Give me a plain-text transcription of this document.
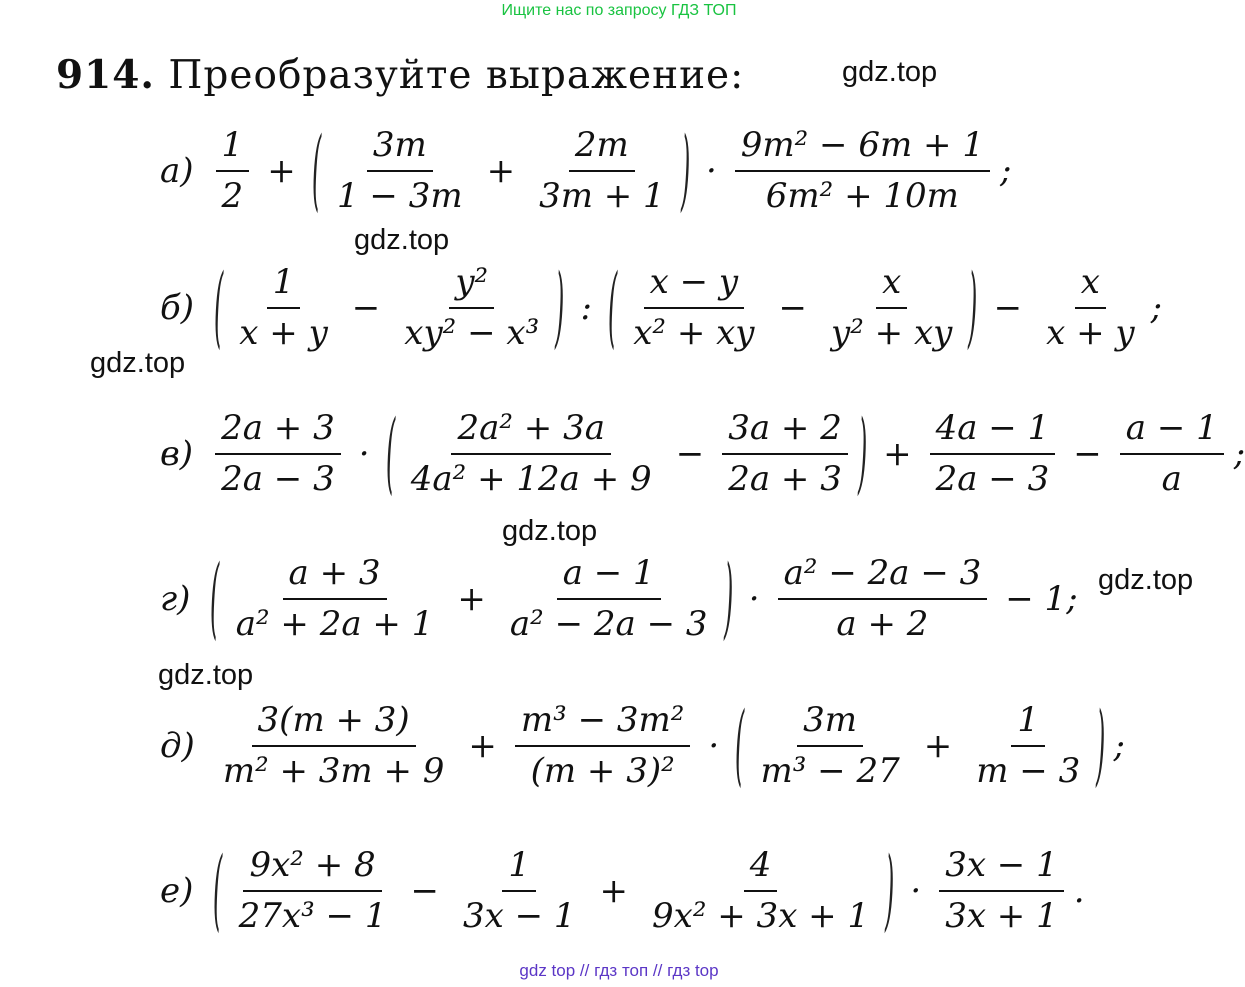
Ищите нас по запросу ГДЗ ТОП
914. Преобразуйте выражение:	gdz.top
gdz.top
gdz.top
gdz.top
gdz.top
gdz.top
$а) \frac{1}{2}$ + ( $\frac{3m}{1 - 3m} + \frac{2m}{3m + 1}$ ) · $\frac{\text{9m² − 6m + 1}}{\text{6m² + 10m}}$ ;
б) ( $\frac{1}{x + y} - \frac{\text{y²}}{\text{xy² − x³}}$ ) : ( $\frac{x - y}{\text{x² + xy}} - \frac{x}{\text{y² + xy}}$ ) − $\frac{x}{x + y}$ ;
$в) \frac{2a + 3}{2a - 3}$ · ( $\frac{\text{2a² + 3a}}{\text{4a² + 12a + 9}} - \frac{3a + 2}{2a + 3}$ ) + $\frac{4a - 1}{2a - 3} - \frac{a - 1}{a}$ ;
г) ( $\frac{a + 3}{\text{a² + 2a + 1}} + \frac{a - 1}{\text{a² − 2a − 3}}$ ) · $\frac{\text{a² − 2a − 3}}{a + 2} - 1$;
$д) \frac{3(m + 3)}{\text{m² + 3m + 9}} + \frac{\text{m³ − 3m²}}{\text{(m + 3)²}}$ · ( $\frac{3m}{\text{m³ − 27}} + \frac{1}{m - 3}$ ) ;
е) ( $\frac{\text{9x² + 8}}{\text{27x³ − 1}} - \frac{1}{3x - 1} + \frac{4}{\text{9x² + 3x + 1}}$ ) · $\frac{3x - 1}{3x + 1}$ .
gdz top // гдз топ // гдз top
